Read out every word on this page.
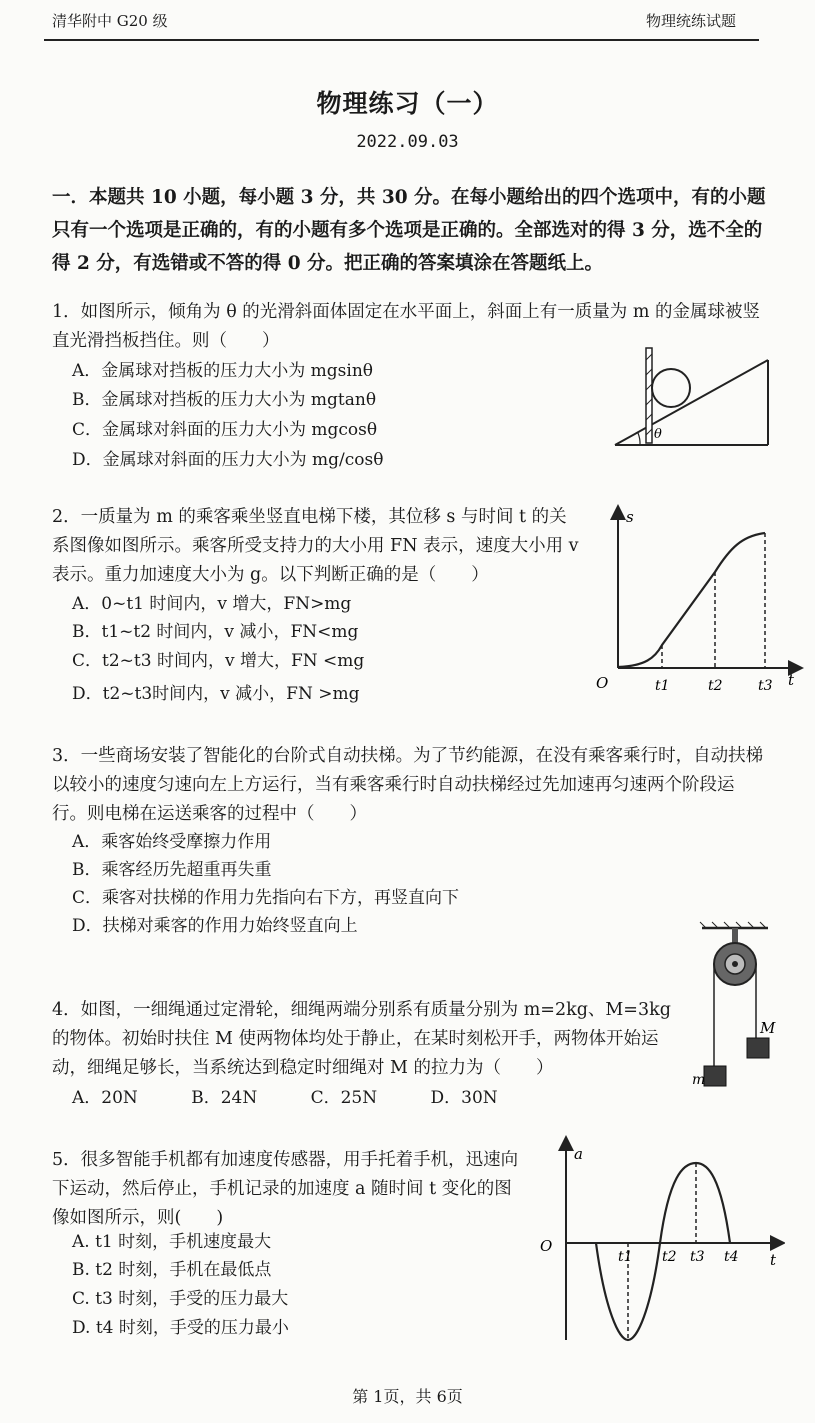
清华附中 G20 级	物理统练试题
物理练习（一）
2022.09.03
一．本题共 10 小题，每小题 3 分，共 30 分。在每小题给出的四个选项中，有的小题只有一个选项是正确的，有的小题有多个选项是正确的。全部选对的得 3 分，选不全的得 2 分，有选错或不答的得 0 分。把正确的答案填涂在答题纸上。
1．如图所示，倾角为 θ 的光滑斜面体固定在水平面上，斜面上有一质量为 m 的金属球被竖直光滑挡板挡住。则（　　）
A．金属球对挡板的压力大小为 mgsinθ
B．金属球对挡板的压力大小为 mgtanθ
C．金属球对斜面的压力大小为 mgcosθ
D．金属球对斜面的压力大小为 mg/cosθ
θ
2．一质量为 m 的乘客乘坐竖直电梯下楼，其位移 s 与时间 t 的关系图像如图所示。乘客所受支持力的大小用 FN 表示，速度大小用 v 表示。重力加速度大小为 g。以下判断正确的是（　　）
A．0~t1 时间内，v 增大，FN>mg
B．t1~t2 时间内，v 减小，FN<mg
C．t2~t3 时间内，v 增大，FN <mg
D．t2~t3时间内，v 减小，FN >mg
s
t
O	t1	t2	t3
3．一些商场安装了智能化的台阶式自动扶梯。为了节约能源，在没有乘客乘行时，自动扶梯以较小的速度匀速向左上方运行，当有乘客乘行时自动扶梯经过先加速再匀速两个阶段运行。则电梯在运送乘客的过程中（　　）
A．乘客始终受摩擦力作用
B．乘客经历先超重再失重
C．乘客对扶梯的作用力先指向右下方，再竖直向下
D．扶梯对乘客的作用力始终竖直向上
4．如图，一细绳通过定滑轮，细绳两端分别系有质量分别为 m=2kg、M=3kg 的物体。初始时扶住 M 使两物体均处于静止，在某时刻松开手，两物体开始运动，细绳足够长，当系统达到稳定时细绳对 M 的拉力为（　　）
A．20N	B．24N	C．25N	D．30N
m
M
5．很多智能手机都有加速度传感器，用手托着手机，迅速向下运动，然后停止，手机记录的加速度 a 随时间 t 变化的图像如图所示，则(　　)
A. t1 时刻，手机速度最大
B. t2 时刻，手机在最低点
C. t3 时刻，手受的压力最大
D. t4 时刻，手受的压力最小
a
t
O
t1 t2 t3 t4
第 1页，共 6页
